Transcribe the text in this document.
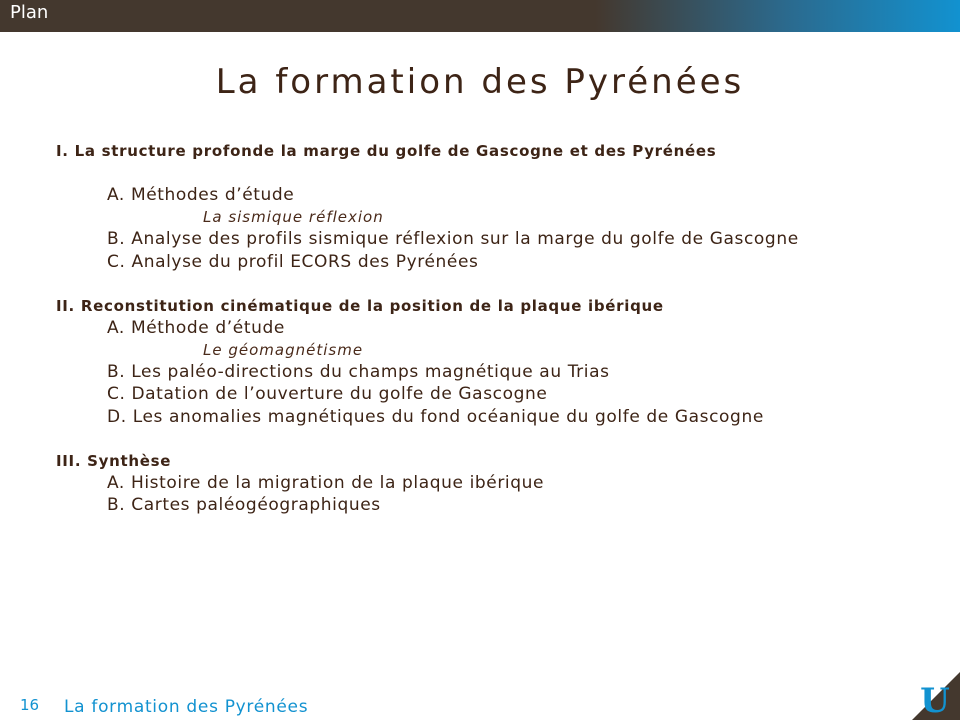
Plan
La formation des Pyrénées
I. La structure profonde la marge du golfe de Gascogne et des Pyrénées
A. Méthodes d’étude
La sismique réflexion
B. Analyse des profils sismique réflexion sur la marge du golfe de Gascogne
C. Analyse du profil ECORS des Pyrénées
II. Reconstitution cinématique de la position de la plaque ibérique
A. Méthode d’étude
Le géomagnétisme
B. Les paléo-directions du champs magnétique au Trias
C. Datation de l’ouverture du golfe de Gascogne
D. Les anomalies magnétiques du fond océanique du golfe de Gascogne
III. Synthèse
A. Histoire de la migration de la plaque ibérique
B. Cartes paléogéographiques
16 La formation des Pyrénées	U
